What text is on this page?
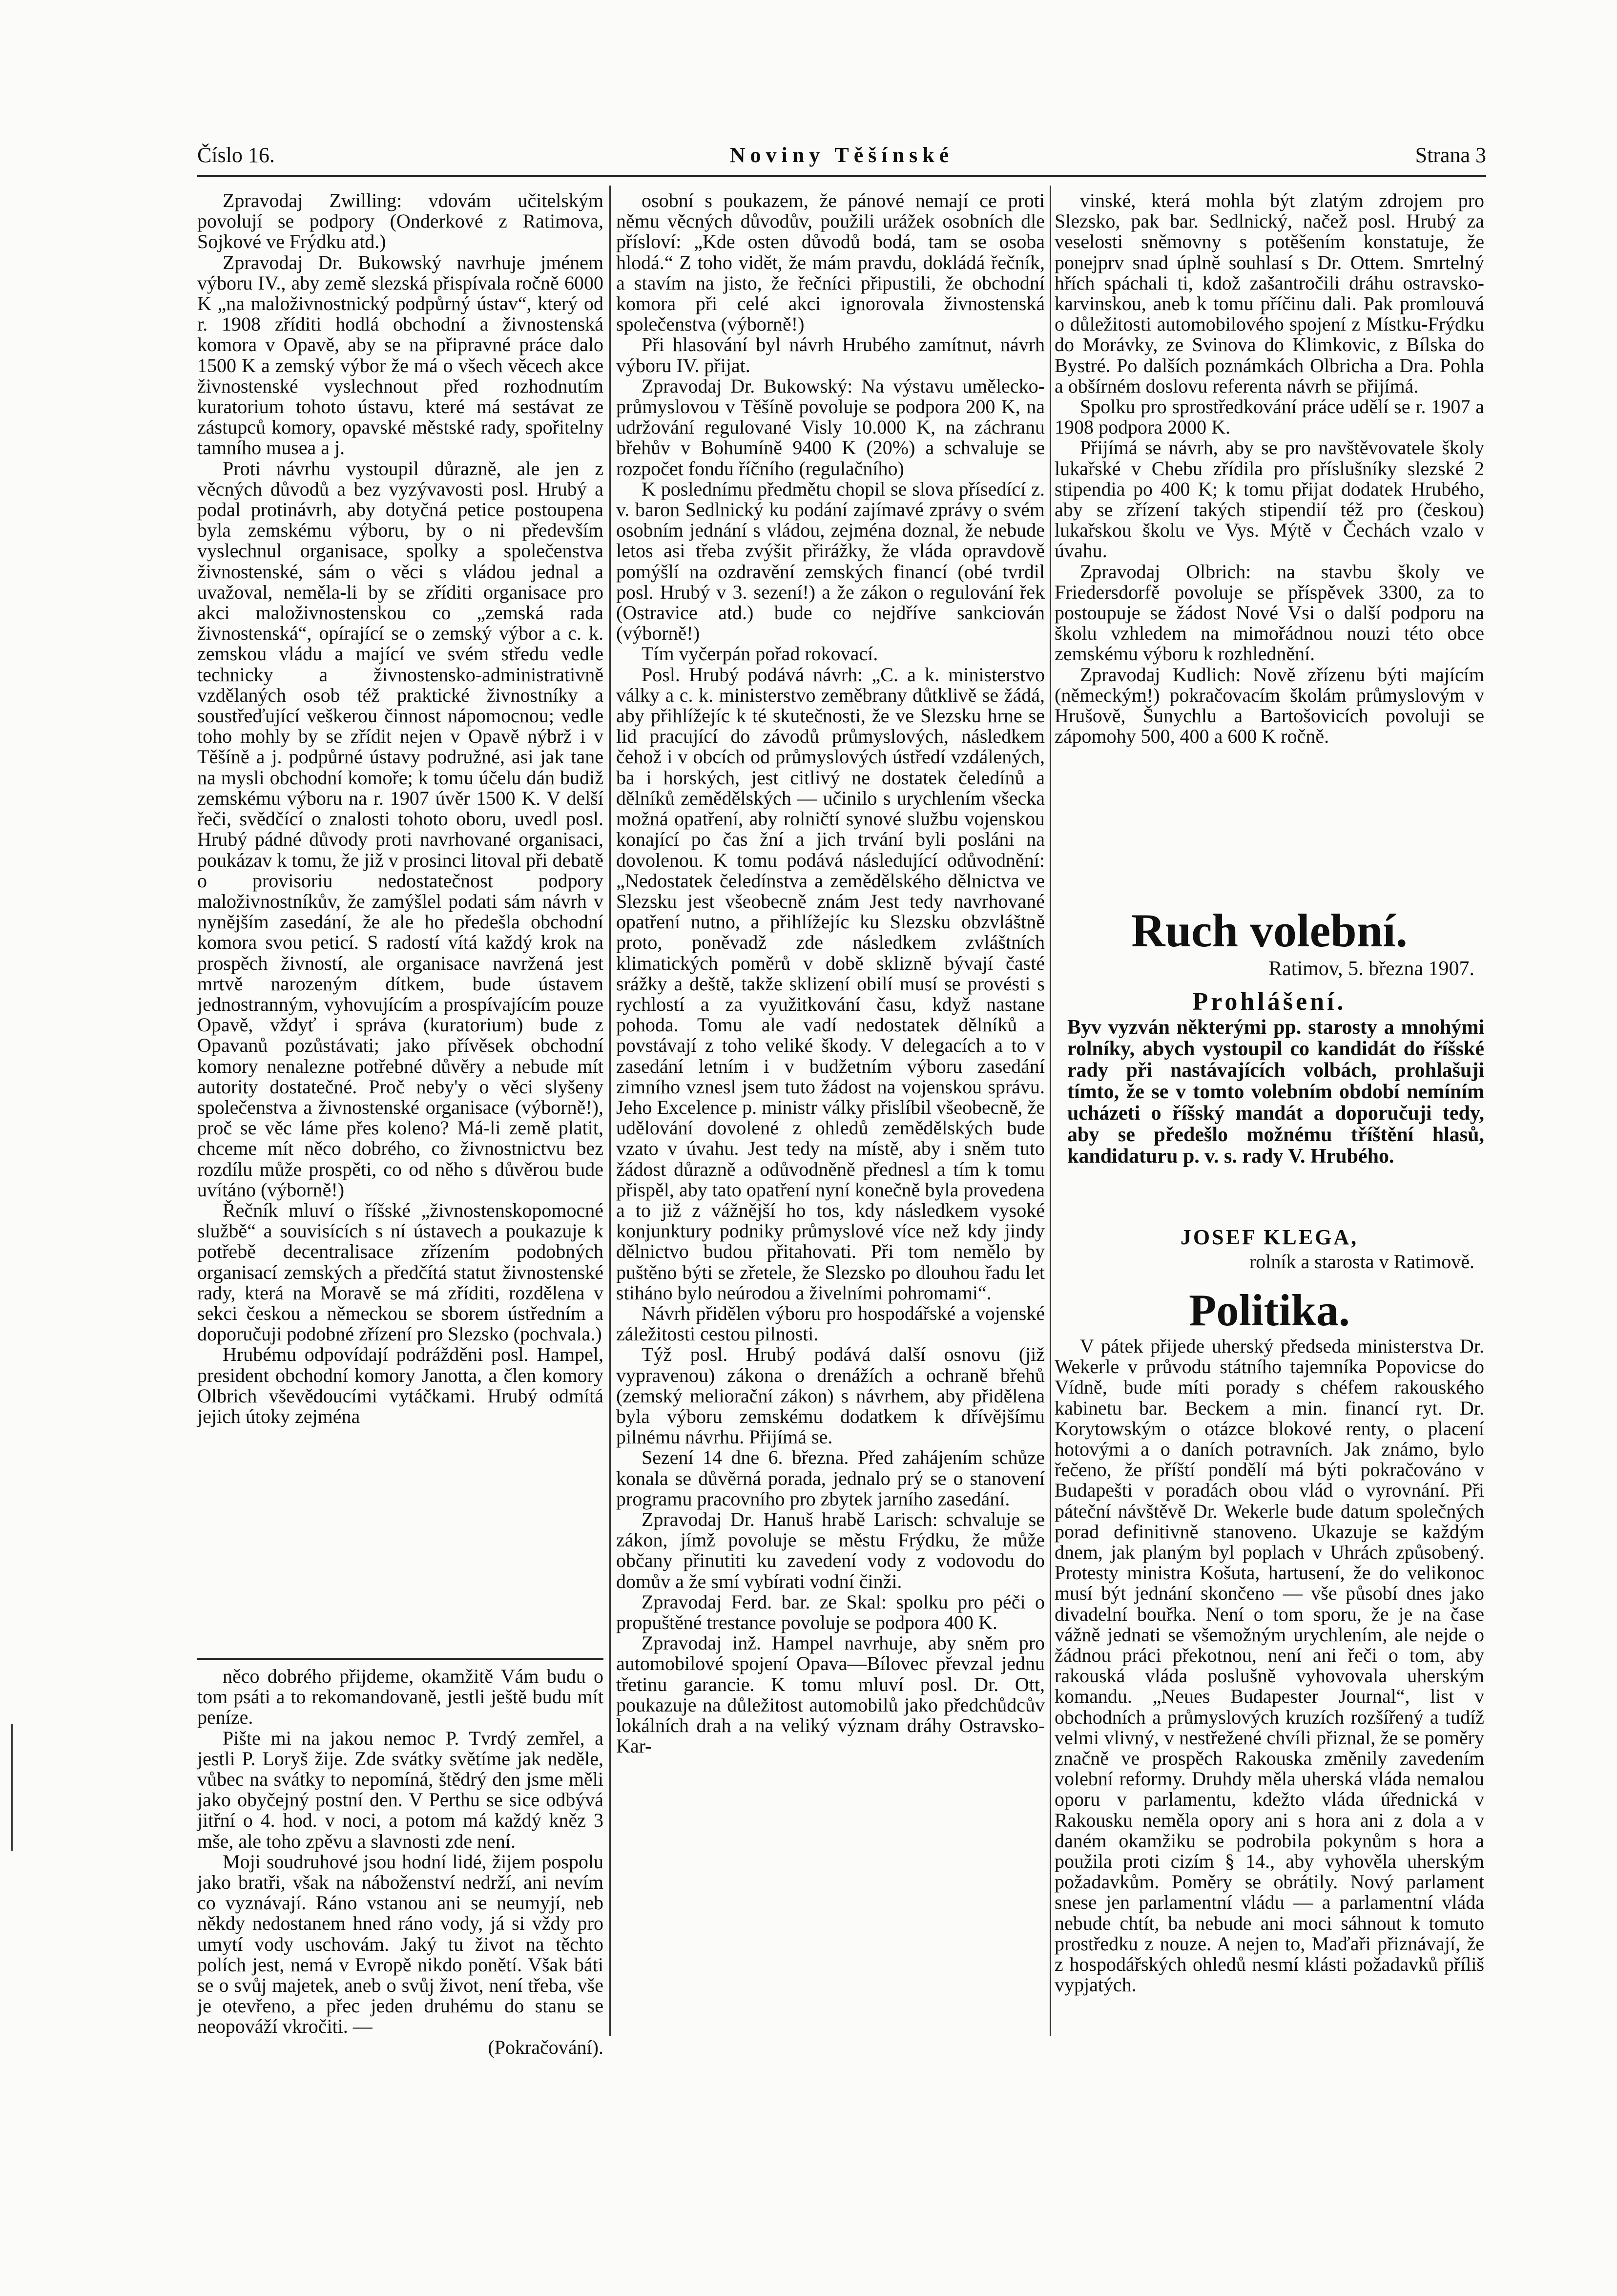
Číslo 16.	Noviny Těšínské	Strana 3

Zpravodaj Zwilling: vdovám učitelským povolují se podpory (Onderkové z Ratimova, Sojkové ve Frýdku atd.)

Zpravodaj Dr. Bukowský navrhuje jménem výboru IV., aby země slezská přispívala ročně 6000 K „na maloživnostnický podpůrný ústav“, který od r. 1908 zříditi hodlá obchodní a živnostenská komora v Opavě, aby se na připravné práce dalo 1500 K a zemský výbor že má o všech věcech akce živnostenské vyslechnout před rozhodnutím kuratorium tohoto ústavu, které má sestávat ze zástupců komory, opavské městské rady, spořitelny tamního musea a j.

Proti návrhu vystoupil důrazně, ale jen z věcných důvodů a bez vyzývavosti posl. Hrubý a podal protinávrh, aby dotyčná petice postoupena byla zemskému výboru, by o ni především vyslechnul organisace, spolky a společenstva živnostenské, sám o věci s vládou jednal a uvažoval, neměla-li by se zříditi organisace pro akci maloživnostenskou co „zemská rada živnostenská“, opírající se o zemský výbor a c. k. zemskou vládu a mající ve svém středu vedle technicky a živnostensko-administrativně vzdělaných osob též praktické živnostníky a soustřeďující veškerou činnost nápomocnou; vedle toho mohly by se zřídit nejen v Opavě nýbrž i v Těšíně a j. podpůrné ústavy podružné, asi jak tane na mysli obchodní komoře; k tomu účelu dán budiž zemskému výboru na r. 1907 úvěr 1500 K. V delší řeči, svědčící o znalosti tohoto oboru, uvedl posl. Hrubý pádné důvody proti navrhované organisaci, poukázav k tomu, že již v prosinci litoval při debatě o provisoriu nedostatečnost podpory maloživnostníkův, že zamýšlel podati sám návrh v nynějším zasedání, že ale ho předešla obchodní komora svou peticí. S radostí vítá každý krok na prospěch živností, ale organisace navržená jest mrtvě narozeným dítkem, bude ústavem jednostranným, vyhovujícím a prospívajícím pouze Opavě, vždyť i správa (kuratorium) bude z Opavanů pozůstávati; jako přívěsek obchodní komory nenalezne potřebné důvěry a nebude mít autority dostatečné. Proč neby'y o věci slyšeny společenstva a živnostenské organisace (výborně!), proč se věc láme přes koleno? Má-li země platit, chceme mít něco dobrého, co živnostnictvu bez rozdílu může prospěti, co od něho s důvěrou bude uvítáno (výborně!)

Řečník mluví o říšské „živnostenskopomocné službě“ a souvisících s ní ústavech a poukazuje k potřebě decentralisace zřízením podobných organisací zemských a předčítá statut živnostenské rady, která na Moravě se má zříditi, rozdělena v sekci českou a německou se sborem ústředním a doporučuji podobné zřízení pro Slezsko (pochvala.)

Hrubému odpovídají podrážděni posl. Hampel, president obchodní komory Janotta, a člen komory Olbrich vševědoucími vytáčkami. Hrubý odmítá jejich útoky zejména

něco dobrého přijdeme, okamžitě Vám budu o tom psáti a to rekomandovaně, jestli ještě budu mít peníze.

Pište mi na jakou nemoc P. Tvrdý zemřel, a jestli P. Loryš žije. Zde svátky světíme jak neděle, vůbec na svátky to nepomíná, štědrý den jsme měli jako obyčejný postní den. V Perthu se sice odbývá jitřní o 4. hod. v noci, a potom má každý kněz 3 mše, ale toho zpěvu a slavnosti zde není.

Moji soudruhové jsou hodní lidé, žijem pospolu jako bratři, však na náboženství nedrží, ani nevím co vyznávají. Ráno vstanou ani se neumyjí, neb někdy nedostanem hned ráno vody, já si vždy pro umytí vody uschovám. Jaký tu život na těchto polích jest, nemá v Evropě nikdo ponětí. Však báti se o svůj majetek, aneb o svůj život, není třeba, vše je otevřeno, a přec jeden druhému do stanu se neopováží vkročiti. —

(Pokračování).

osobní s poukazem, že pánové nemají ce proti němu věcných důvodův, použili urážek osobních dle přísloví: „Kde osten důvodů bodá, tam se osoba hlodá.“ Z toho vidět, že mám pravdu, dokládá řečník, a stavím na jisto, že řečníci připustili, že obchodní komora při celé akci ignorovala živnostenská společenstva (výborně!)

Při hlasování byl návrh Hrubého zamítnut, návrh výboru IV. přijat.

Zpravodaj Dr. Bukowský: Na výstavu umělecko-průmyslovou v Těšíně povoluje se podpora 200 K, na udržování regulované Visly 10.000 K, na záchranu břehův v Bohumíně 9400 K (20%) a schvaluje se rozpočet fondu říčního (regulačního)

K poslednímu předmětu chopil se slova přísedící z. v. baron Sedlnický ku podání zajímavé zprávy o svém osobním jednání s vládou, zejména doznal, že nebude letos asi třeba zvýšit přirážky, že vláda opravdově pomýšlí na ozdravění zemských financí (obé tvrdil posl. Hrubý v 3. sezení!) a že zákon o regulování řek (Ostravice atd.) bude co nejdříve sankciován (výborně!)

Tím vyčerpán pořad rokovací.

Posl. Hrubý podává návrh: „C. a k. ministerstvo války a c. k. ministerstvo zeměbrany důtklivě se žádá, aby přihlížejíc k té skutečnosti, že ve Slezsku hrne se lid pracující do závodů průmyslových, následkem čehož i v obcích od průmyslových ústředí vzdálených, ba i horských, jest citlivý ne dostatek čeledínů a dělníků zemědělských — učinilo s urychlením všecka možná opatření, aby rolničtí synové službu vojenskou konající po čas žní a jich trvání byli posláni na dovolenou. K tomu podává následující odůvodnění: „Nedostatek čeledínstva a zemědělského dělnictva ve Slezsku jest všeobecně znám Jest tedy navrhované opatření nutno, a přihlížejíc ku Slezsku obzvláštně proto, poněvadž zde následkem zvláštních klimatických poměrů v době sklizně bývají časté srážky a deště, takže sklizení obilí musí se provésti s rychlostí a za využitkování času, když nastane pohoda. Tomu ale vadí nedostatek dělníků a povstávají z toho veliké škody. V delegacích a to v zasedání letním i v budžetním výboru zasedání zimního vznesl jsem tuto žádost na vojenskou správu. Jeho Excelence p. ministr války přislíbil všeobecně, že udělování dovolené z ohledů zemědělských bude vzato v úvahu. Jest tedy na místě, aby i sněm tuto žádost důrazně a odůvodněně přednesl a tím k tomu přispěl, aby tato opatření nyní konečně byla provedena a to již z vážnější ho tos, kdy následkem vysoké konjunktury podniky průmyslové více než kdy jindy dělnictvo budou přitahovati. Při tom nemělo by puštěno býti se zřetele, že Slezsko po dlouhou řadu let stiháno bylo neúrodou a živelními pohromami“.

Návrh přidělen výboru pro hospodářské a vojenské záležitosti cestou pilnosti.

Týž posl. Hrubý podává další osnovu (již vypravenou) zákona o drenážích a ochraně břehů (zemský meliorační zákon) s návrhem, aby přidělena byla výboru zemskému dodatkem k dřívějšímu pilnému návrhu. Přijímá se.

Sezení 14 dne 6. března. Před zahájením schůze konala se důvěrná porada, jednalo prý se o stanovení programu pracovního pro zbytek jarního zasedání.

Zpravodaj Dr. Hanuš hrabě Larisch: schvaluje se zákon, jímž povoluje se městu Frýdku, že může občany přinutiti ku zavedení vody z vodovodu do domův a že smí vybírati vodní činži.

Zpravodaj Ferd. bar. ze Skal: spolku pro péči o propuštěné trestance povoluje se podpora 400 K.

Zpravodaj inž. Hampel navrhuje, aby sněm pro automobilové spojení Opava—Bílovec převzal jednu třetinu garancie. K tomu mluví posl. Dr. Ott, poukazuje na důležitost automobilů jako předchůdcův lokálních drah a na veliký význam dráhy Ostravsko-Kar-

vinské, která mohla být zlatým zdrojem pro Slezsko, pak bar. Sedlnický, načež posl. Hrubý za veselosti sněmovny s potěšením konstatuje, že ponejprv snad úplně souhlasí s Dr. Ottem. Smrtelný hřích spáchali ti, kdož zašantročili dráhu ostravsko-karvinskou, aneb k tomu příčinu dali. Pak promlouvá o důležitosti automobilového spojení z Místku-Frýdku do Morávky, ze Svinova do Klimkovic, z Bílska do Bystré. Po dalších poznámkách Olbricha a Dra. Pohla a obšírném doslovu referenta návrh se přijímá.

Spolku pro sprostředkování práce udělí se r. 1907 a 1908 podpora 2000 K.

Přijímá se návrh, aby se pro navštěvovatele školy lukařské v Chebu zřídila pro příslušníky slezské 2 stipendia po 400 K; k tomu přijat dodatek Hrubého, aby se zřízení takých stipendií též pro (českou) lukařskou školu ve Vys. Mýtě v Čechách vzalo v úvahu.

Zpravodaj Olbrich: na stavbu školy ve Friedersdorfě povoluje se příspěvek 3300, za to postoupuje se žádost Nové Vsi o další podporu na školu vzhledem na mimořádnou nouzi této obce zemskému výboru k rozhlednění.

Zpravodaj Kudlich: Nově zřízenu býti majícím (německým!) pokračovacím školám průmyslovým v Hrušově, Šunychlu a Bartošovicích povoluji se zápomohy 500, 400 a 600 K ročně.

Ruch volební.
Ratimov, 5. března 1907.
Prohlášení.

Byv vyzván některými pp. starosty a mnohými rolníky, abych vystoupil co kandidát do říšské rady při nastávajících volbách, prohlašuji tímto, že se v tomto volebním období nemíním ucházeti o říšský mandát a doporučuji tedy, aby se předešlo možnému tříštění hlasů, kandidaturu p. v. s. rady V. Hrubého.

JOSEF KLEGA,
rolník a starosta v Ratimově.
Politika.

V pátek přijede uherský předseda ministerstva Dr. Wekerle v průvodu státního tajemníka Popovicse do Vídně, bude míti porady s chéfem rakouského kabinetu bar. Beckem a min. financí ryt. Dr. Korytowským o otázce blokové renty, o placení hotovými a o daních potravních. Jak známo, bylo řečeno, že příští pondělí má býti pokračováno v Budapešti v poradách obou vlád o vyrovnání. Při páteční návštěvě Dr. Wekerle bude datum společných porad definitivně stanoveno. Ukazuje se každým dnem, jak planým byl poplach v Uhrách způsobený. Protesty ministra Košuta, hartusení, že do velikonoc musí být jednání skončeno — vše působí dnes jako divadelní bouřka. Není o tom sporu, že je na čase vážně jednati se všemožným urychlením, ale nejde o žádnou práci překotnou, není ani řeči o tom, aby rakouská vláda poslušně vyhovovala uherským komandu. „Neues Budapester Journal“, list v obchodních a průmyslových kruzích rozšířený a tudíž velmi vlivný, v nestřežené chvíli přiznal, že se poměry značně ve prospěch Rakouska změnily zavedením volební reformy. Druhdy měla uherská vláda nemalou oporu v parlamentu, kdežto vláda úřednická v Rakousku neměla opory ani s hora ani z dola a v daném okamžiku se podrobila pokynům s hora a použila proti cizím § 14., aby vyhověla uherským požadavkům. Poměry se obrátily. Nový parlament snese jen parlamentní vládu — a parlamentní vláda nebude chtít, ba nebude ani moci sáhnout k tomuto prostředku z nouze. A nejen to, Maďaři přiznávají, že z hospodářských ohledů nesmí klásti požadavků příliš vypjatých.
